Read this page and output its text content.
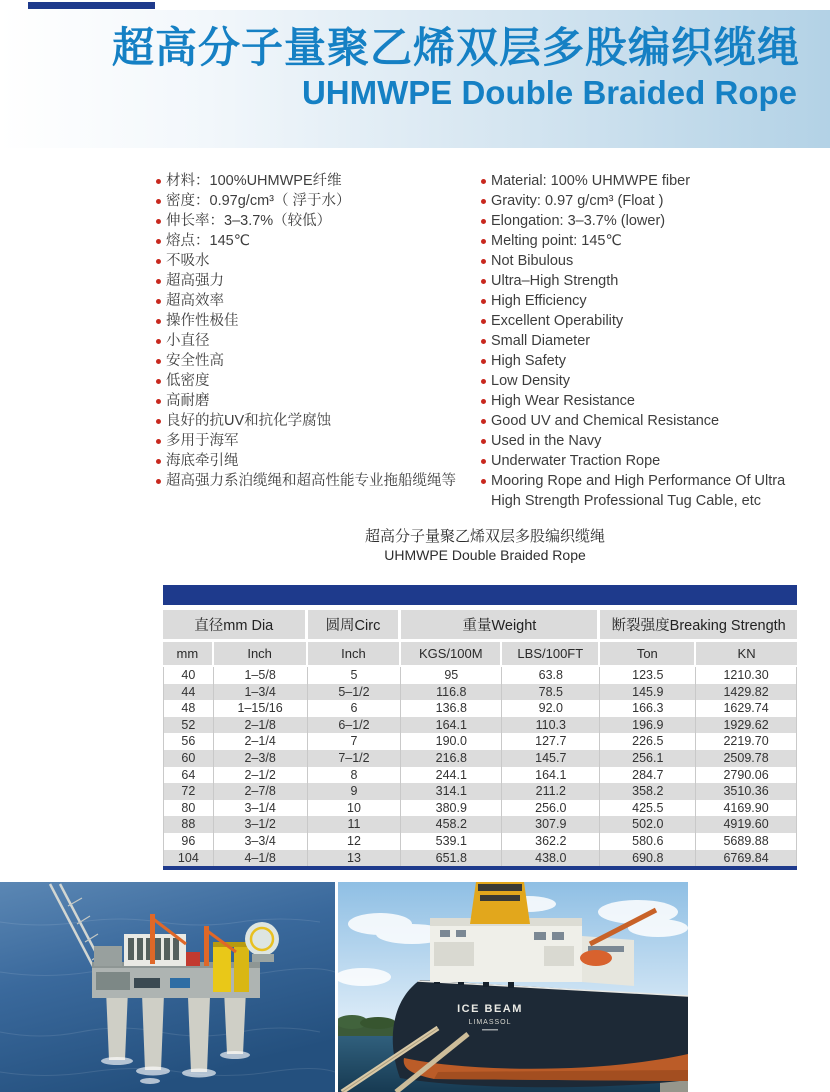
超高分子量聚乙烯双层多股编织缆绳
UHMWPE Double Braided Rope
材料：100%UHMWPE纤维
密度：0.97g/cm³（ 浮于水）
伸长率：3–3.7%（较低）
熔点：145℃
不吸水
超高强力
超高效率
操作性极佳
小直径
安全性高
低密度
高耐磨
良好的抗UV和抗化学腐蚀
多用于海军
海底牵引绳
超高强力系泊缆绳和超高性能专业拖船缆绳等
Material: 100% UHMWPE fiber
Gravity: 0.97 g/cm³ (Float )
Elongation: 3–3.7% (lower)
Melting point: 145℃
Not Bibulous
Ultra–High Strength
High Efficiency
Excellent Operability
Small Diameter
High Safety
Low Density
High Wear Resistance
Good UV and Chemical Resistance
Used in the Navy
Underwater Traction Rope
Mooring Rope and High Performance Of Ultra High Strength Professional Tug Cable, etc
超高分子量聚乙烯双层多股编织缆绳
UHMWPE Double Braided Rope
直径mm Dia		圆周Circ	重量Weight		断裂强度Breaking Strength	
mm	Inch	Inch	KGS/100M	LBS/100FT	Ton	KN
40	1–5/8	5	95	63.8	123.5	1210.30
44	1–3/4	5–1/2	116.8	78.5	145.9	1429.82
48	1–15/16	6	136.8	92.0	166.3	1629.74
52	2–1/8	6–1/2	164.1	110.3	196.9	1929.62
56	2–1/4	7	190.0	127.7	226.5	2219.70
60	2–3/8	7–1/2	216.8	145.7	256.1	2509.78
64	2–1/2	8	244.1	164.1	284.7	2790.06
72	2–7/8	9	314.1	211.2	358.2	3510.36
80	3–1/4	10	380.9	256.0	425.5	4169.90
88	3–1/2	11	458.2	307.9	502.0	4919.60
96	3–3/4	12	539.1	362.2	580.6	5689.88
104	4–1/8	13	651.8	438.0	690.8	6769.84
ICE BEAM
LIMASSOL
